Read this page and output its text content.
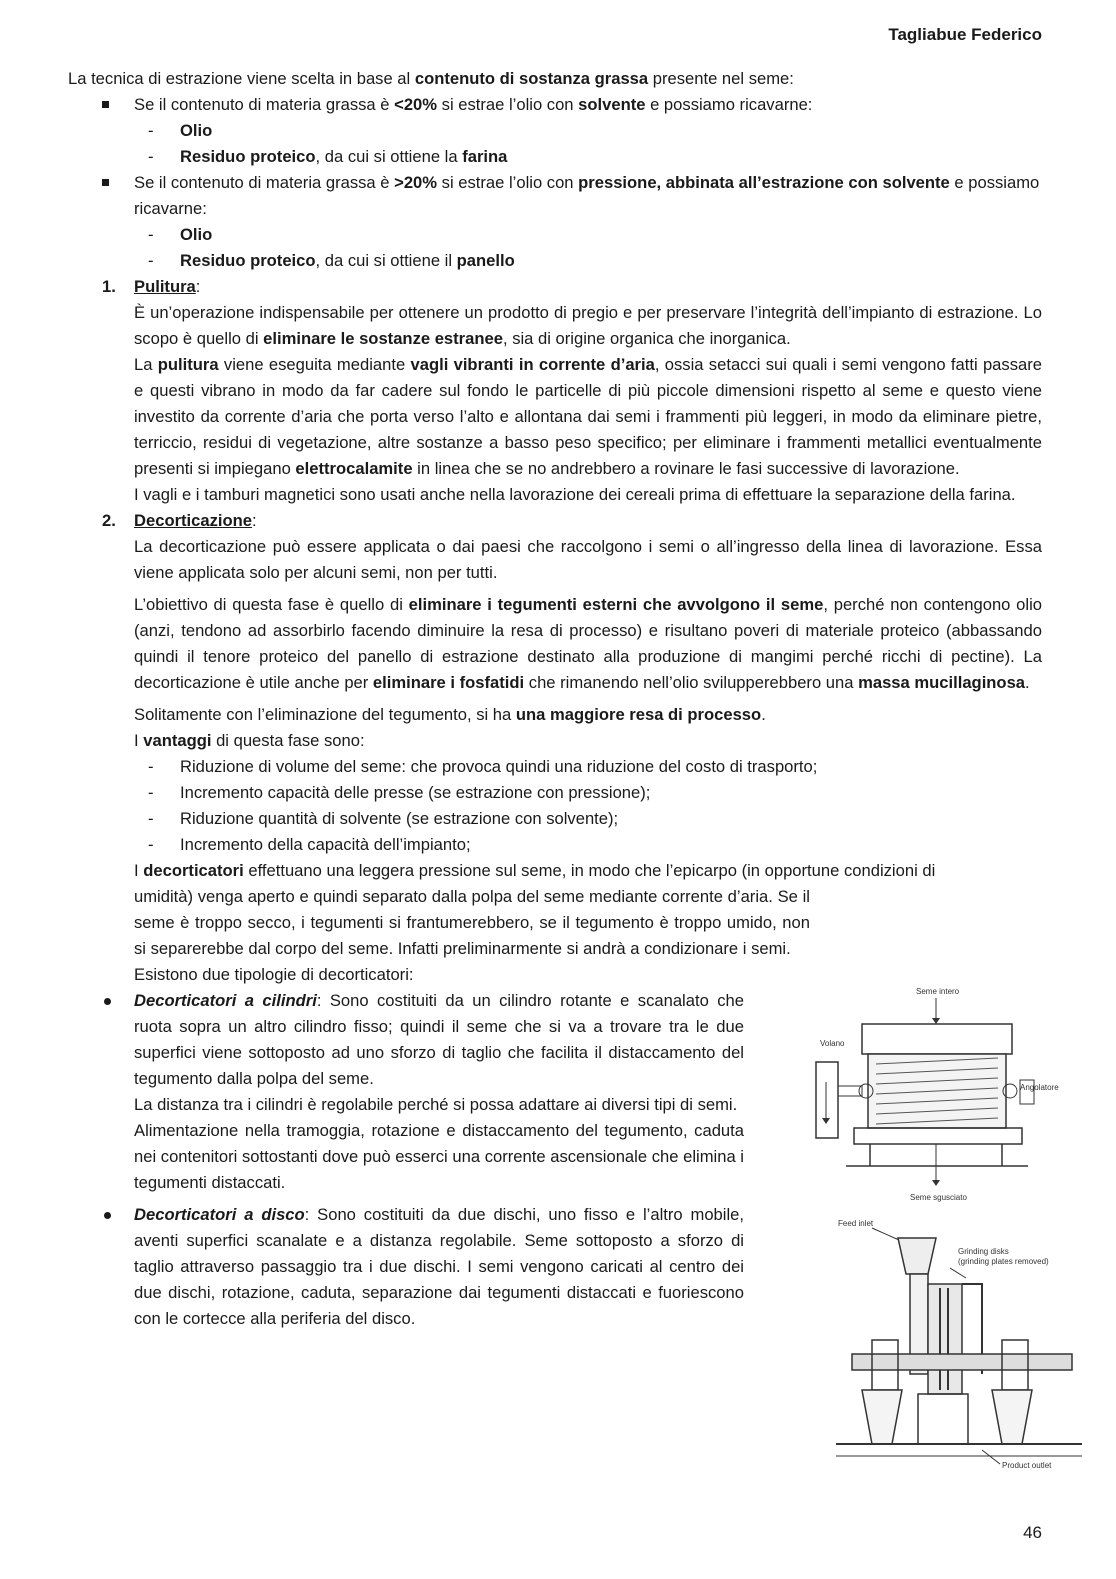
Tagliabue Federico

La tecnica di estrazione viene scelta in base al contenuto di sostanza grassa presente nel seme:

Se il contenuto di materia grassa è <20% si estrae l’olio con solvente e possiamo ricavarne:
- Olio
- Residuo proteico, da cui si ottiene la farina
Se il contenuto di materia grassa è >20% si estrae l’olio con pressione, abbinata all’estrazione con solvente e possiamo ricavarne:
- Olio
- Residuo proteico, da cui si ottiene il panello
1. Pulitura:

È un’operazione indispensabile per ottenere un prodotto di pregio e per preservare l’integrità dell’impianto di estrazione. Lo scopo è quello di eliminare le sostanze estranee, sia di origine organica che inorganica.

La pulitura viene eseguita mediante vagli vibranti in corrente d’aria, ossia setacci sui quali i semi vengono fatti passare e questi vibrano in modo da far cadere sul fondo le particelle di più piccole dimensioni rispetto al seme e questo viene investito da corrente d’aria che porta verso l’alto e allontana dai semi i frammenti più leggeri, in modo da eliminare pietre, terriccio, residui di vegetazione, altre sostanze a basso peso specifico; per eliminare i frammenti metallici eventualmente presenti si impiegano elettrocalamite in linea che se no andrebbero a rovinare le fasi successive di lavorazione.

I vagli e i tamburi magnetici sono usati anche nella lavorazione dei cereali prima di effettuare la separazione della farina.

2. Decorticazione:

La decorticazione può essere applicata o dai paesi che raccolgono i semi o all’ingresso della linea di lavorazione. Essa viene applicata solo per alcuni semi, non per tutti.

L’obiettivo di questa fase è quello di eliminare i tegumenti esterni che avvolgono il seme, perché non contengono olio (anzi, tendono ad assorbirlo facendo diminuire la resa di processo) e risultano poveri di materiale proteico (abbassando quindi il tenore proteico del panello di estrazione destinato alla produzione di mangimi perché ricchi di pectine). La decorticazione è utile anche per eliminare i fosfatidi che rimanendo nell’olio svilupperebbero una massa mucillaginosa.

Solitamente con l’eliminazione del tegumento, si ha una maggiore resa di processo.

I vantaggi di questa fase sono:

- Riduzione di volume del seme: che provoca quindi una riduzione del costo di trasporto;
- Incremento capacità delle presse (se estrazione con pressione);
- Riduzione quantità di solvente (se estrazione con solvente);
- Incremento della capacità dell’impianto;

I decorticatori effettuano una leggera pressione sul seme, in modo che l’epicarpo (in opportune condizioni di

umidità) venga aperto e quindi separato dalla polpa del seme mediante corrente d’aria. Se il seme è troppo secco, i tegumenti si frantumerebbero, se il tegumento è troppo umido, non si separerebbe dal corpo del seme. Infatti preliminarmente si andrà a condizionare i semi.

Esistono due tipologie di decorticatori:

Decorticatori a cilindri: Sono costituiti da un cilindro rotante e scanalato che ruota sopra un altro cilindro fisso; quindi il seme che si va a trovare tra le due superfici viene sottoposto ad uno sforzo di taglio che facilita il distaccamento del tegumento dalla polpa del seme.

La distanza tra i cilindri è regolabile perché si possa adattare ai diversi tipi di semi.

Alimentazione nella tramoggia, rotazione e distaccamento del tegumento, caduta nei contenitori sottostanti dove può esserci una corrente ascensionale che elimina i tegumenti distaccati.

Decorticatori a disco: Sono costituiti da due dischi, uno fisso e l’altro mobile, aventi superfici scanalate e a distanza regolabile. Seme sottoposto a sforzo di taglio attraverso passaggio tra i due dischi. I semi vengono caricati al centro dei due dischi, rotazione, caduta, separazione dai tegumenti distaccati e fuoriescono con le cortecce alla periferia del disco.

Seme intero
Volano
Angolatore
Seme sgusciato
Feed inlet
Grinding disks
(grinding plates removed)
Product outlet
46
